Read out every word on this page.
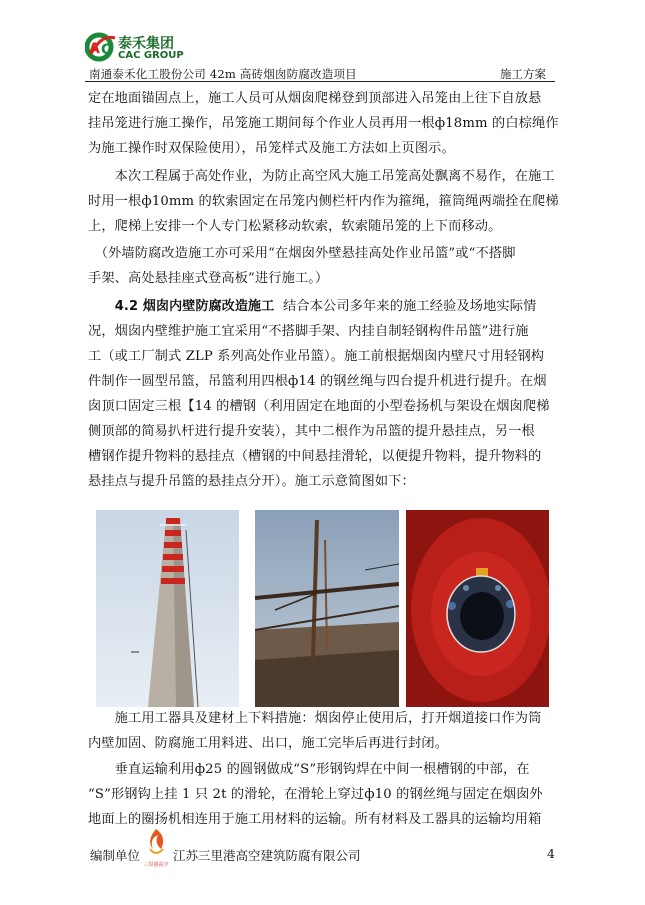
A C 泰禾集团
CAC GROUP
南通泰禾化工股份公司 42m 高砖烟囱防腐改造项目	施工方案
定在地面锚固点上，施工人员可从烟囱爬梯登到顶部进入吊笼由上往下自放悬
挂吊笼进行施工操作，吊笼施工期间每个作业人员再用一根ф18mm 的白棕绳作
为施工操作时双保险使用），吊笼样式及施工方法如上页图示。
　　本次工程属于高处作业，为防止高空风大施工吊笼高处飘离不易作，在施工
时用一根ф10mm 的软索固定在吊笼内侧栏杆内作为箍绳，箍筒绳两端拴在爬梯
上，爬梯上安排一个人专门松紧移动软索，软索随吊笼的上下而移动。
　（外墙防腐改造施工亦可采用“在烟囱外壁悬挂高处作业吊篮”或“不搭脚
手架、高处悬挂座式登高板”进行施工。）
　　4.2 烟囱内壁防腐改造施工 结合本公司多年来的施工经验及场地实际情
况，烟囱内壁维护施工宜采用“不搭脚手架、内挂自制轻钢构件吊篮”进行施
工（或工厂制式 ZLP 系列高处作业吊篮）。施工前根据烟囱内壁尺寸用轻钢构
件制作一圆型吊篮，吊篮利用四根ф14 的钢丝绳与四台提升机进行提升。在烟
囱顶口固定三根【14 的槽钢（利用固定在地面的小型卷扬机与架设在烟囱爬梯
侧顶部的简易扒杆进行提升安装），其中二根作为吊篮的提升悬挂点，另一根
槽钢作提升物料的悬挂点（槽钢的中间悬挂滑轮，以便提升物料，提升物料的
悬挂点与提升吊篮的悬挂点分开）。施工示意简图如下：
　　施工用工器具及建材上下料措施：烟囱停止使用后，打开烟道接口作为筒
内壁加固、防腐施工用料进、出口，施工完毕后再进行封闭。
　　垂直运输利用ф25 的圆钢做成“S”形钢钩焊在中间一根槽钢的中部，在
“S”形钢钩上挂 1 只 2t 的滑轮，在滑轮上穿过ф10 的钢丝绳与固定在烟囱外
地面上的圈扬机相连用于施工用材料的运输。所有材料及工器具的运输均用箱
编制单位
三里港高空
江苏三里港高空建筑防腐有限公司	4
